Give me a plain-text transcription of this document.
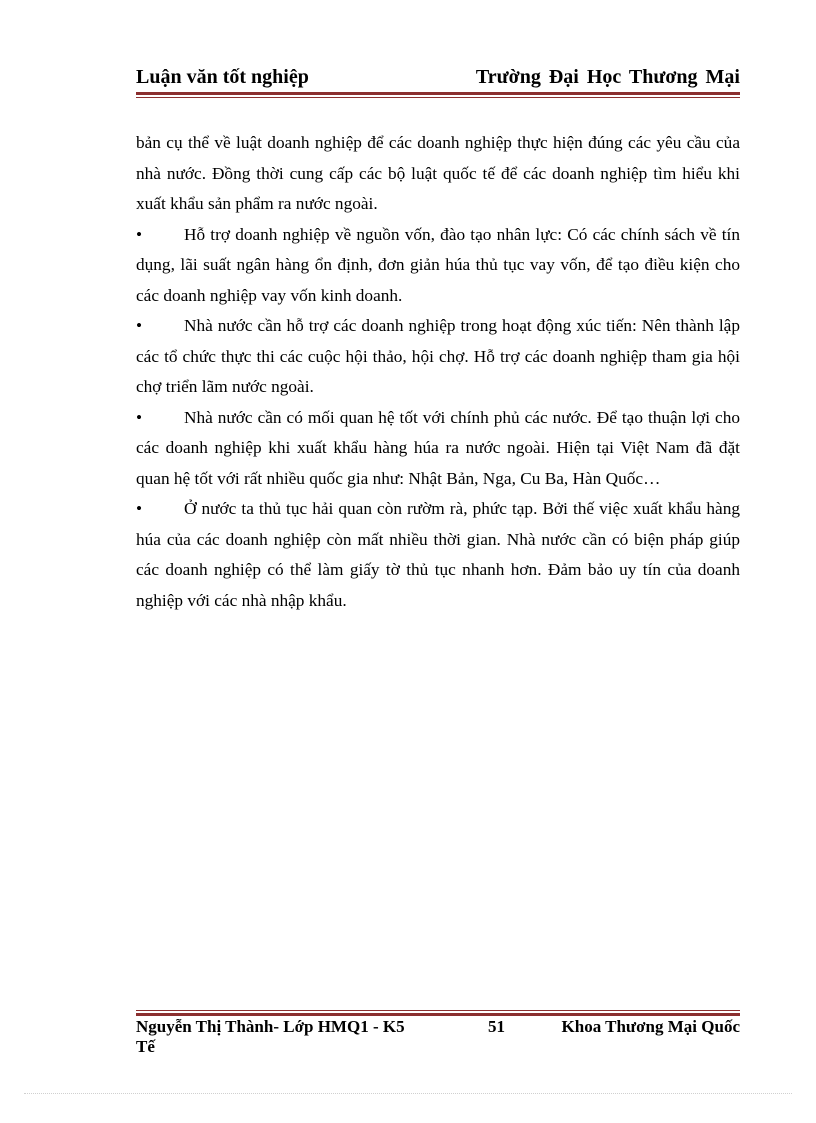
Luận văn tốt nghiệp	Trường Đại Học Thương Mại

bản cụ thể về luật doanh nghiệp để các doanh nghiệp thực hiện đúng các yêu cầu của nhà nước. Đồng thời cung cấp các bộ luật quốc tế để các doanh nghiệp tìm hiểu khi xuất khẩu sản phẩm ra nước ngoài.

• Hỗ trợ doanh nghiệp về nguồn vốn, đào tạo nhân lực: Có các chính sách về tín dụng, lãi suất ngân hàng ổn định, đơn giản húa thủ tục vay vốn, để tạo điều kiện cho các doanh nghiệp vay vốn kinh doanh.

• Nhà nước cần hỗ trợ các doanh nghiệp trong hoạt động xúc tiến: Nên thành lập các tổ chức thực thi các cuộc hội thảo, hội chợ. Hỗ trợ các doanh nghiệp tham gia hội chợ triển lãm nước ngoài.

• Nhà nước cần có mối quan hệ tốt với chính phủ các nước. Để tạo thuận lợi cho các doanh nghiệp khi xuất khẩu hàng húa ra nước ngoài. Hiện tại Việt Nam đã đặt quan hệ tốt với rất nhiều quốc gia như: Nhật Bản, Nga, Cu Ba, Hàn Quốc…

• Ở nước ta thủ tục hải quan còn rườm rà, phức tạp. Bởi thế việc xuất khẩu hàng húa của các doanh nghiệp còn mất nhiều thời gian. Nhà nước cần có biện pháp giúp các doanh nghiệp có thể làm giấy tờ thủ tục nhanh hơn. Đảm bảo uy tín của doanh nghiệp với các nhà nhập khẩu.

Nguyễn Thị Thành- Lớp HMQ1 - K5	51	Khoa Thương Mại Quốc
Tế
